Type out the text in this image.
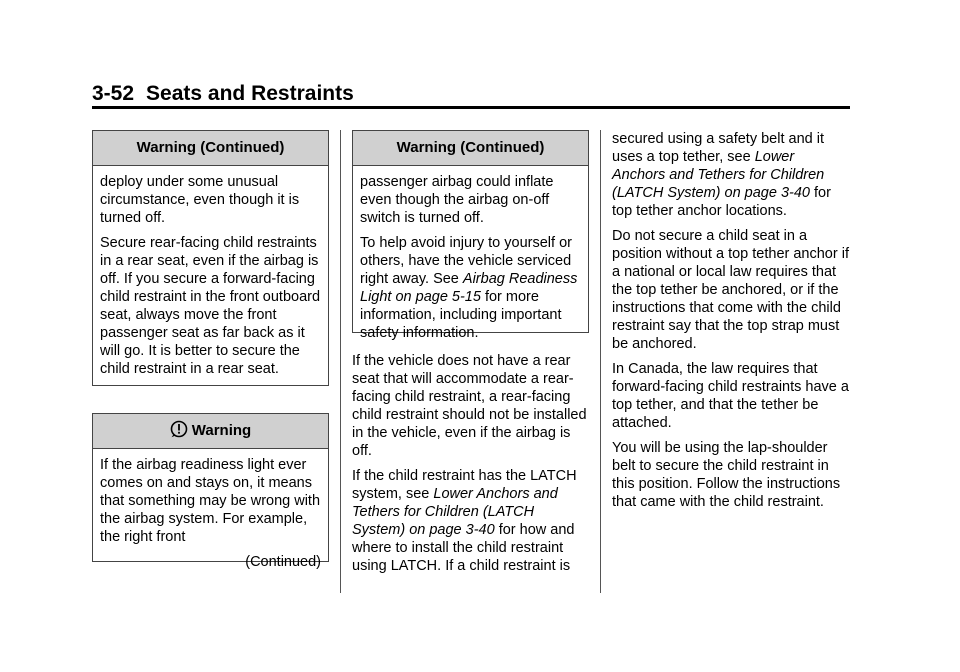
3-52 Seats and Restraints
Warning (Continued)

deploy under some unusual circumstance, even though it is turned off.

Secure rear-facing child restraints in a rear seat, even if the airbag is off. If you secure a forward-facing child restraint in the front outboard seat, always move the front passenger seat as far back as it will go. It is better to secure the child restraint in a rear seat.

Warning

If the airbag readiness light ever comes on and stays on, it means that something may be wrong with the airbag system. For example, the right front

(Continued)
Warning (Continued)

passenger airbag could inflate even though the airbag on-off switch is turned off.

To help avoid injury to yourself or others, have the vehicle serviced right away. See Airbag Readiness Light on page 5-15 for more information, including important safety information.

If the vehicle does not have a rear seat that will accommodate a rear-facing child restraint, a rear-facing child restraint should not be installed in the vehicle, even if the airbag is off.

If the child restraint has the LATCH system, see Lower Anchors and Tethers for Children (LATCH System) on page 3-40 for how and where to install the child restraint using LATCH. If a child restraint is

secured using a safety belt and it uses a top tether, see Lower Anchors and Tethers for Children (LATCH System) on page 3-40 for top tether anchor locations.

Do not secure a child seat in a position without a top tether anchor if a national or local law requires that the top tether be anchored, or if the instructions that come with the child restraint say that the top strap must be anchored.

In Canada, the law requires that forward-facing child restraints have a top tether, and that the tether be attached.

You will be using the lap-shoulder belt to secure the child restraint in this position. Follow the instructions that came with the child restraint.
